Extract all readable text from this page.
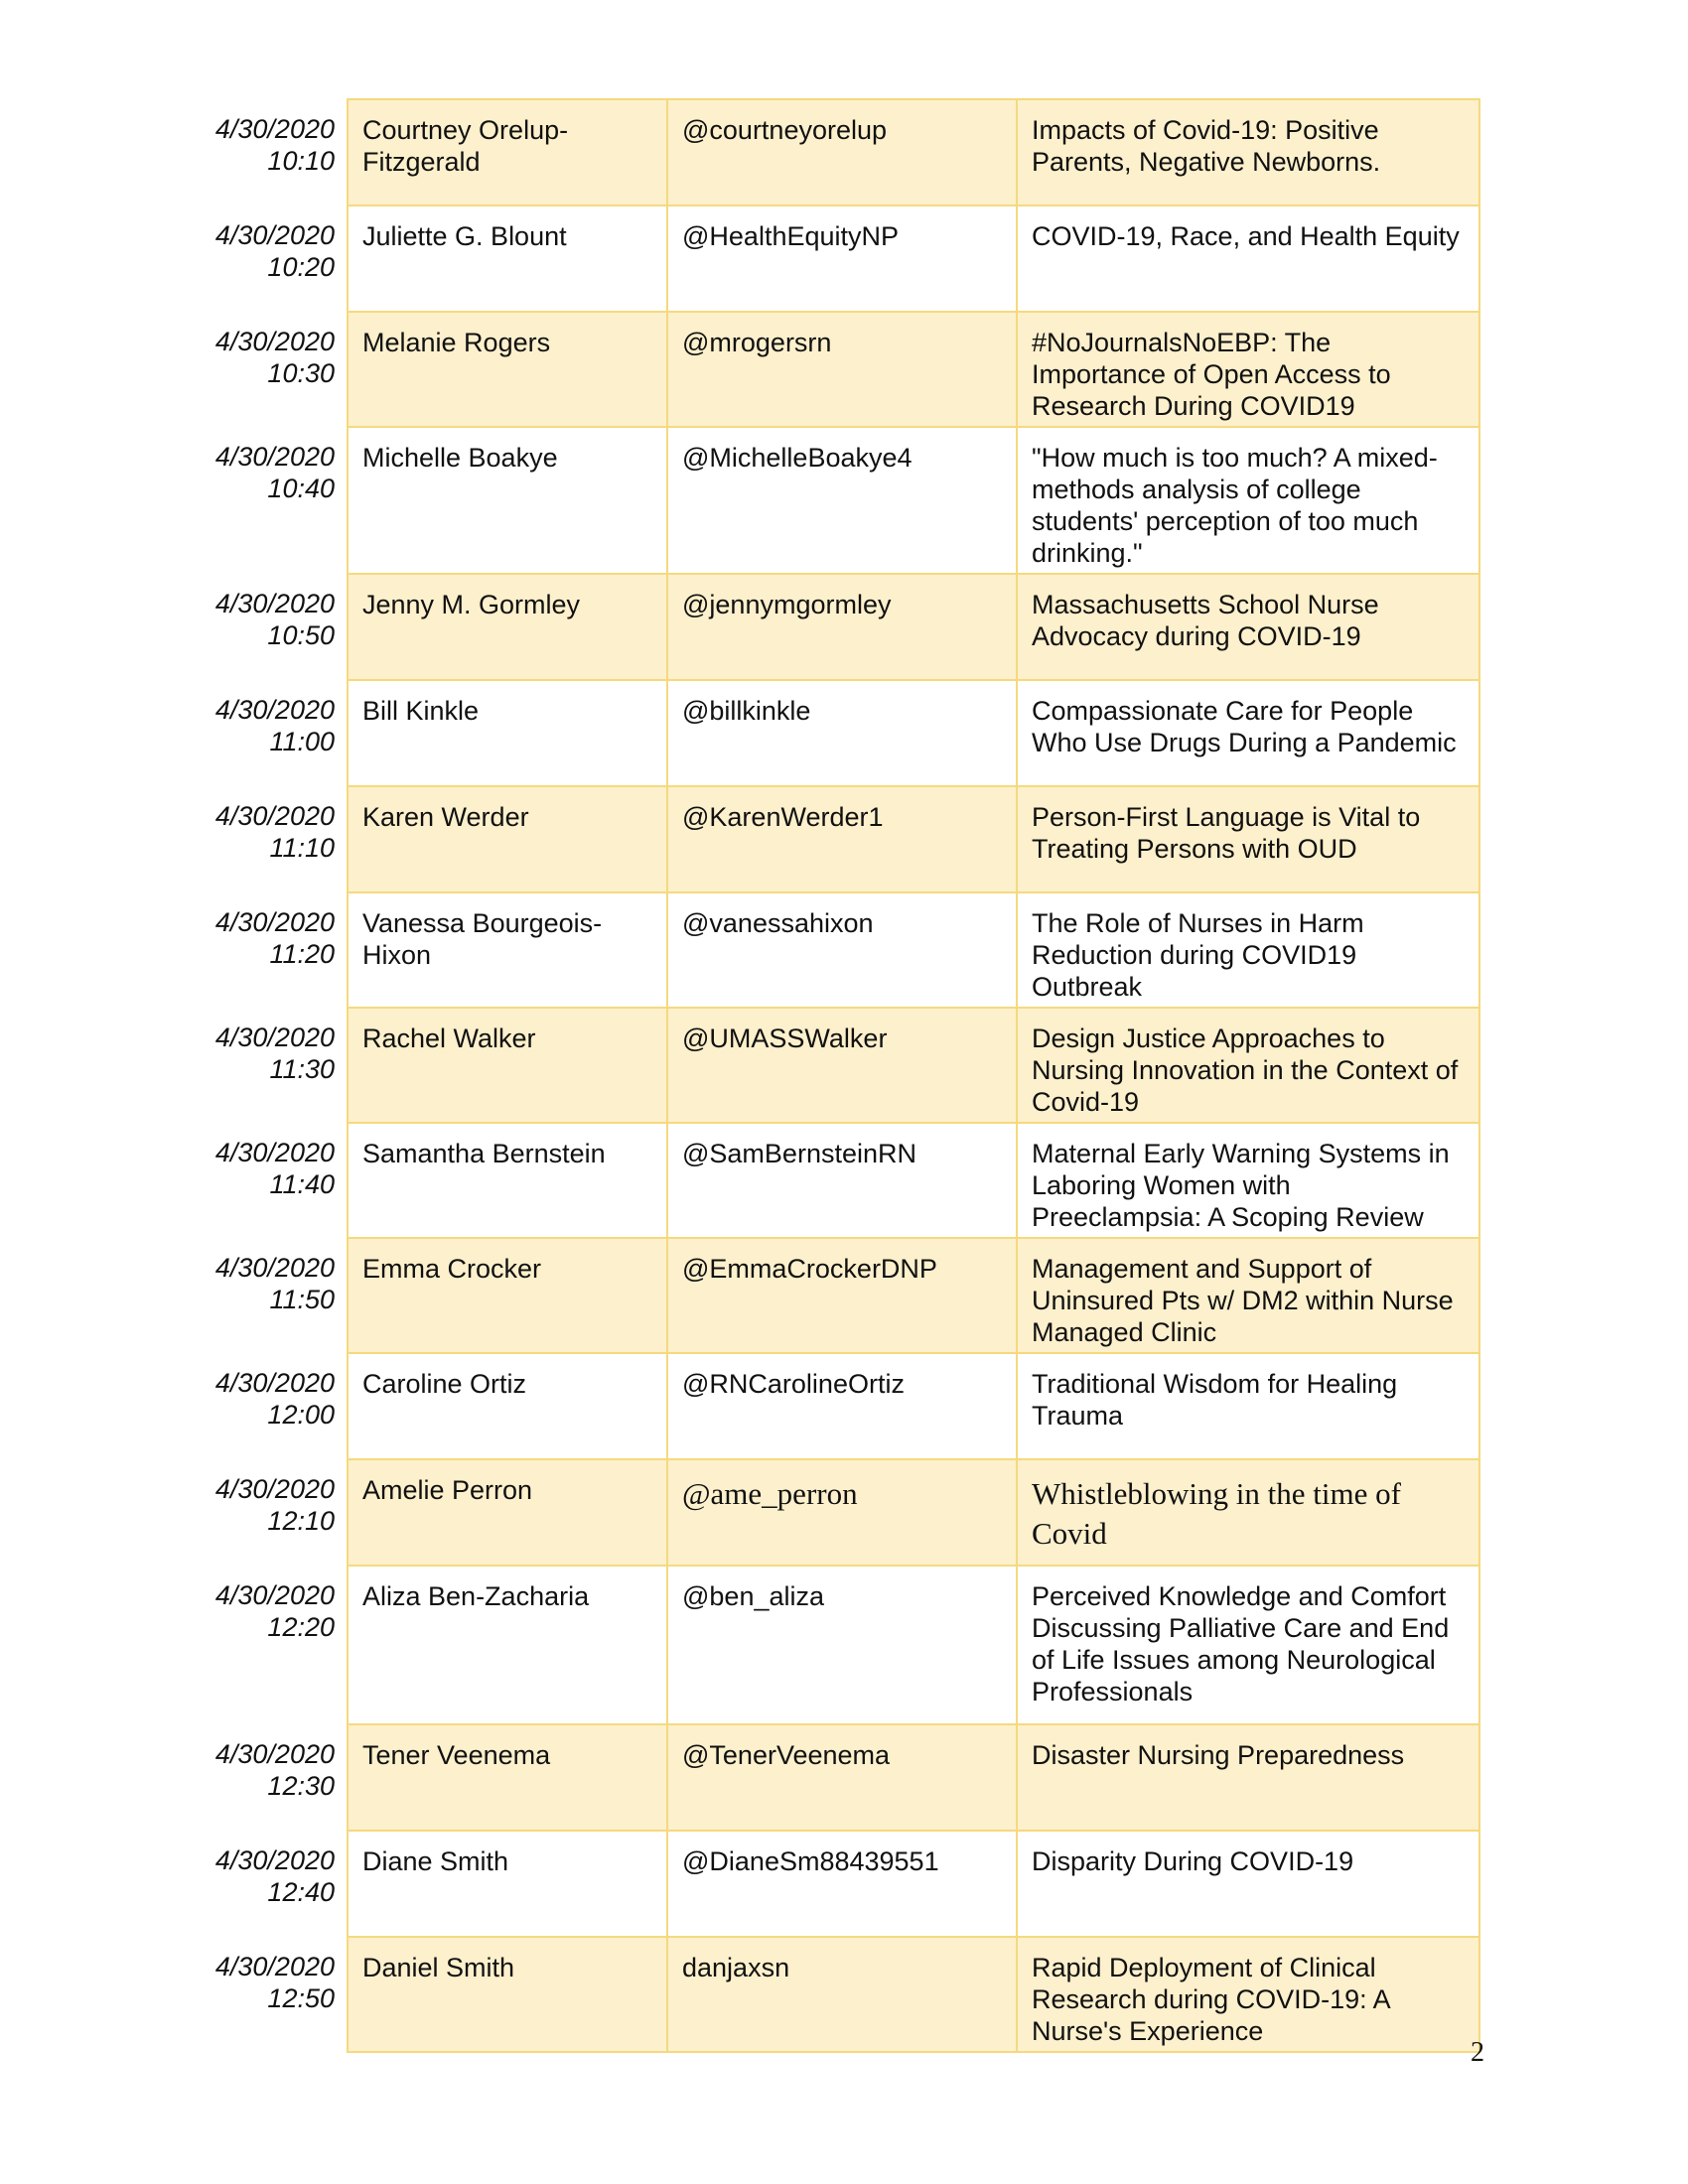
4/30/2020
10:10	Courtney Orelup-Fitzgerald	@courtneyorelup	Impacts of Covid-19: Positive Parents, Negative Newborns.

4/30/2020
10:20	Juliette G. Blount	@HealthEquityNP	COVID-19, Race, and Health Equity

4/30/2020
10:30	Melanie Rogers	@mrogersrn	#NoJournalsNoEBP: The Importance of Open Access to Research During COVID19

4/30/2020
10:40	Michelle Boakye	@MichelleBoakye4	"How much is too much? A mixed-methods analysis of college students' perception of too much drinking."

4/30/2020
10:50	Jenny M. Gormley	@jennymgormley	Massachusetts School Nurse Advocacy during COVID-19

4/30/2020
11:00	Bill Kinkle	@billkinkle	Compassionate Care for People Who Use Drugs During a Pandemic

4/30/2020
11:10	Karen Werder	@KarenWerder1	Person-First Language is Vital to Treating Persons with OUD

4/30/2020
11:20	Vanessa Bourgeois-Hixon	@vanessahixon	The Role of Nurses in Harm Reduction during COVID19 Outbreak

4/30/2020
11:30	Rachel Walker	@UMASSWalker	Design Justice Approaches to Nursing Innovation in the Context of Covid-19

4/30/2020
11:40	Samantha Bernstein	@SamBernsteinRN	Maternal Early Warning Systems in Laboring Women with Preeclampsia: A Scoping Review

4/30/2020
11:50	Emma Crocker	@EmmaCrockerDNP	Management and Support of Uninsured Pts w/ DM2 within Nurse Managed Clinic

4/30/2020
12:00	Caroline Ortiz	@RNCarolineOrtiz	Traditional Wisdom for Healing Trauma

4/30/2020
12:10	Amelie Perron	@ame_perron	Whistleblowing in the time of Covid

4/30/2020
12:20	Aliza Ben-Zacharia	@ben_aliza	Perceived Knowledge and Comfort Discussing Palliative Care and End of Life Issues among Neurological Professionals

4/30/2020
12:30	Tener Veenema	@TenerVeenema	Disaster Nursing Preparedness

4/30/2020
12:40	Diane Smith	@DianeSm88439551	Disparity During COVID-19

4/30/2020
12:50	Daniel Smith	danjaxsn	Rapid Deployment of Clinical Research during COVID-19: A Nurse's Experience
2
